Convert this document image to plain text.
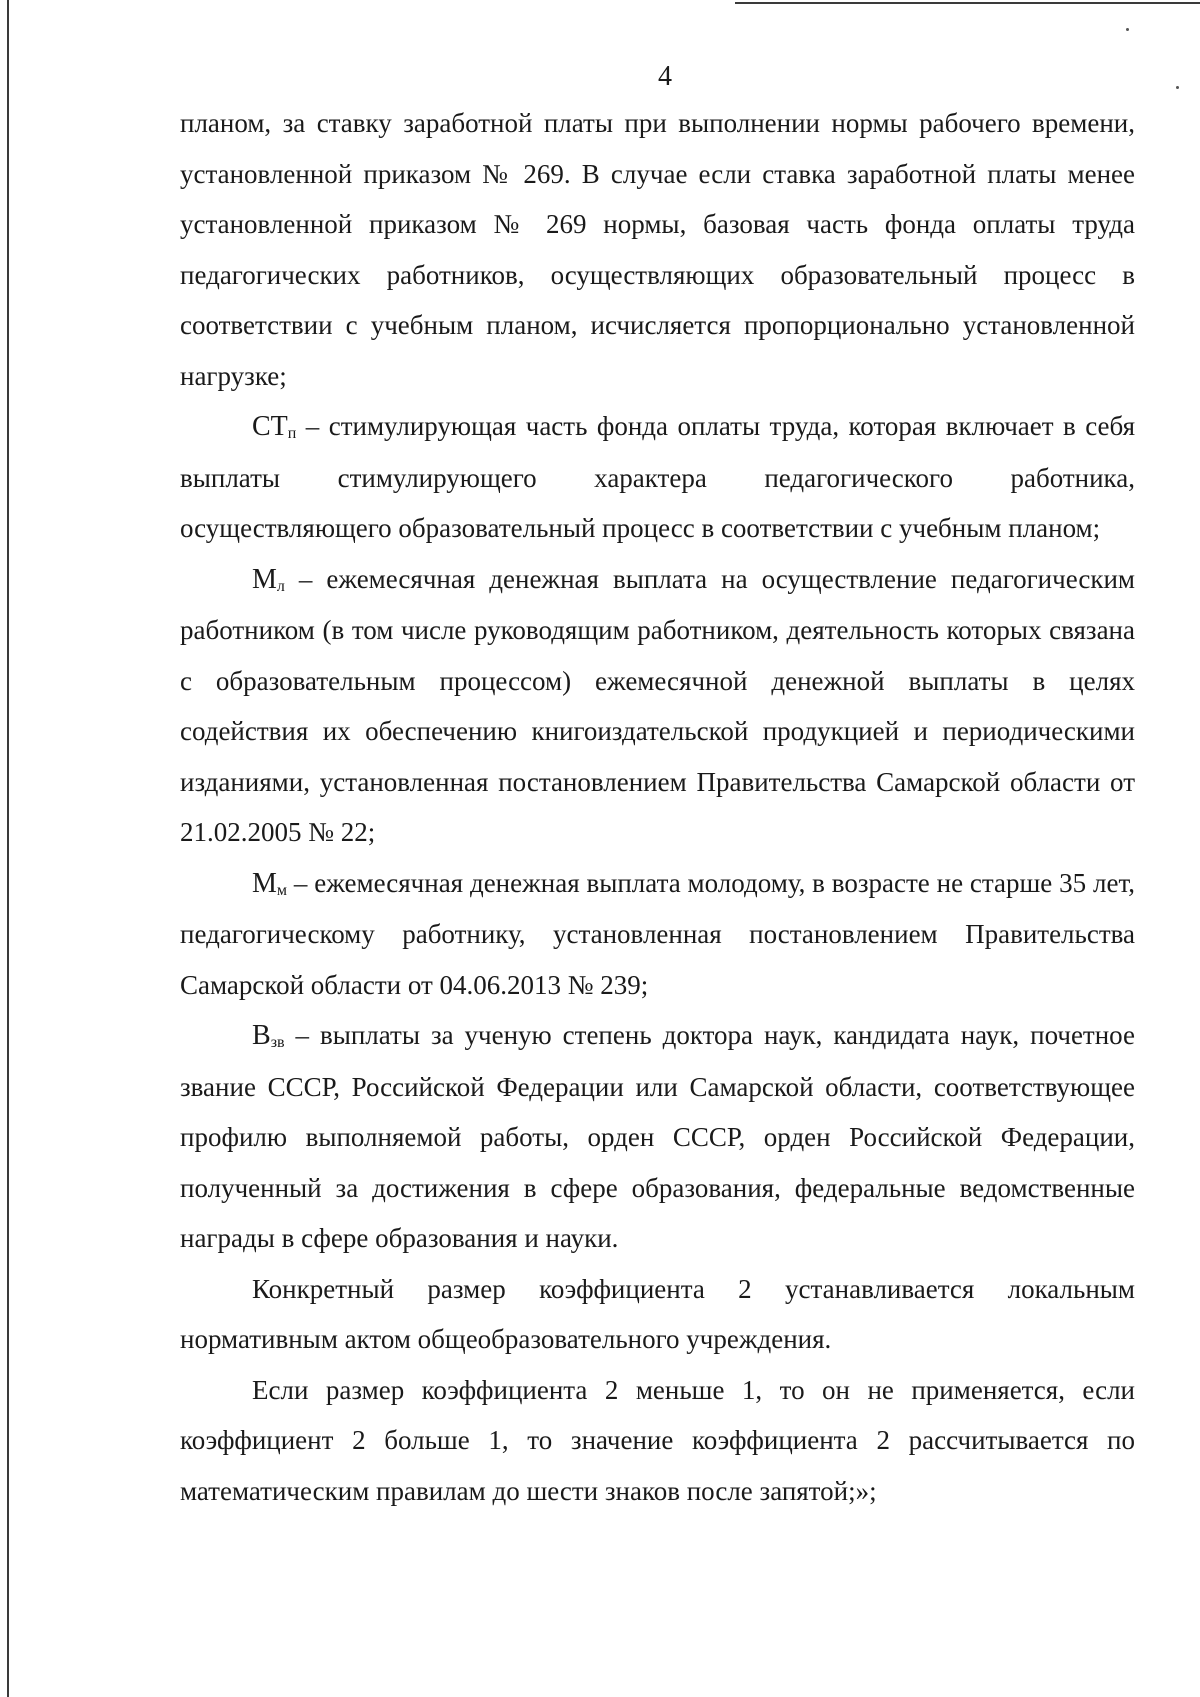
4

планом, за ставку заработной платы при выполнении нормы рабочего времени, установленной приказом № 269. В случае если ставка заработной платы менее установленной приказом № 269 нормы, базовая часть фонда оплаты труда педагогических работников, осуществляющих образовательный процесс в соответствии с учебным планом, исчисляется пропорционально установленной нагрузке;

СТп – стимулирующая часть фонда оплаты труда, которая включает в себя выплаты стимулирующего характера педагогического работника, осуществляющего образовательный процесс в соответствии с учебным планом;

Мл – ежемесячная денежная выплата на осуществление педагогическим работником (в том числе руководящим работником, деятельность которых связана с образовательным процессом) ежемесячной денежной выплаты в целях содействия их обеспечению книгоиздательской продукцией и периодическими изданиями, установленная постановлением Правительства Самарской области от 21.02.2005 № 22;

Мм – ежемесячная денежная выплата молодому, в возрасте не старше 35 лет, педагогическому работнику, установленная постановлением Правительства Самарской области от 04.06.2013 № 239;

Взв – выплаты за ученую степень доктора наук, кандидата наук, почетное звание СССР, Российской Федерации или Самарской области, соответствующее профилю выполняемой работы, орден СССР, орден Российской Федерации, полученный за достижения в сфере образования, федеральные ведомственные награды в сфере образования и науки.

Конкретный размер коэффициента 2 устанавливается локальным нормативным актом общеобразовательного учреждения.

Если размер коэффициента 2 меньше 1, то он не применяется, если коэффициент 2 больше 1, то значение коэффициента 2 рассчитывается по математическим правилам до шести знаков после запятой;»;
